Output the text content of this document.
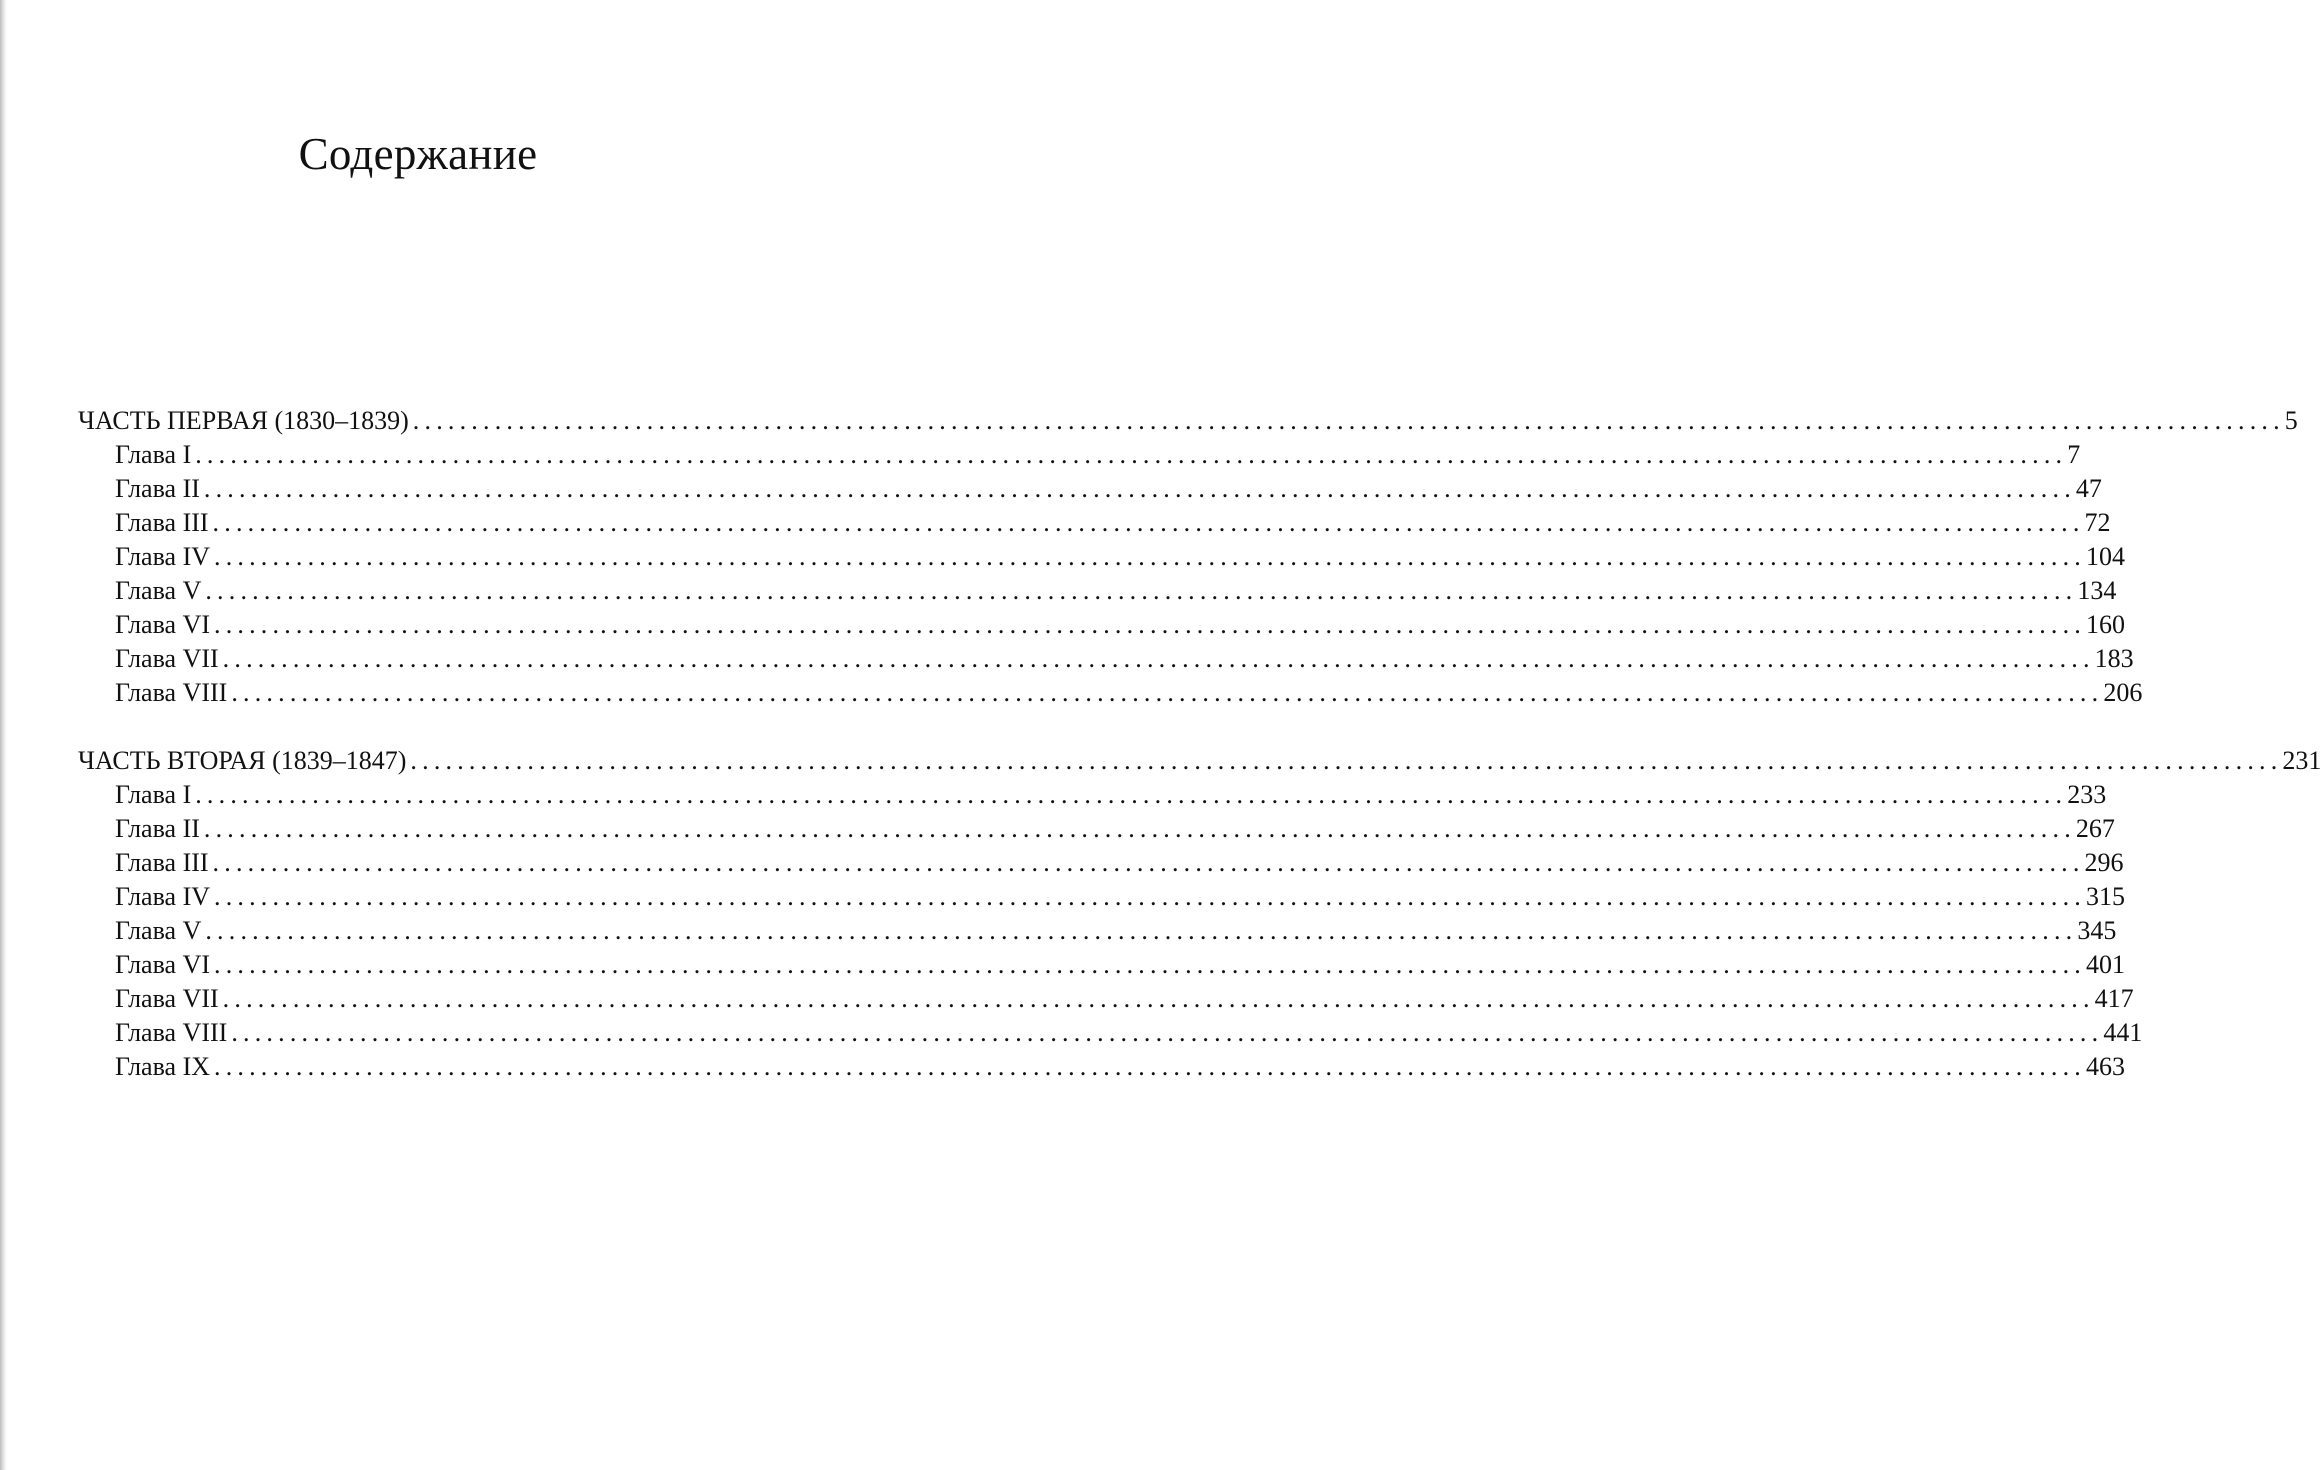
Содержание
ЧАСТЬ ПЕРВАЯ (1830–1839) ................................................................................................................................................................ 5
Глава I ................................................................................................................................................................ 7
Глава II ................................................................................................................................................................ 47
Глава III ................................................................................................................................................................ 72
Глава IV ................................................................................................................................................................ 104
Глава V ................................................................................................................................................................ 134
Глава VI ................................................................................................................................................................ 160
Глава VII ................................................................................................................................................................ 183
Глава VIII ................................................................................................................................................................ 206
ЧАСТЬ ВТОРАЯ (1839–1847) ................................................................................................................................................................ 231
Глава I ................................................................................................................................................................ 233
Глава II ................................................................................................................................................................ 267
Глава III ................................................................................................................................................................ 296
Глава IV ................................................................................................................................................................ 315
Глава V ................................................................................................................................................................ 345
Глава VI ................................................................................................................................................................ 401
Глава VII ................................................................................................................................................................ 417
Глава VIII ................................................................................................................................................................ 441
Глава IX ................................................................................................................................................................ 463
